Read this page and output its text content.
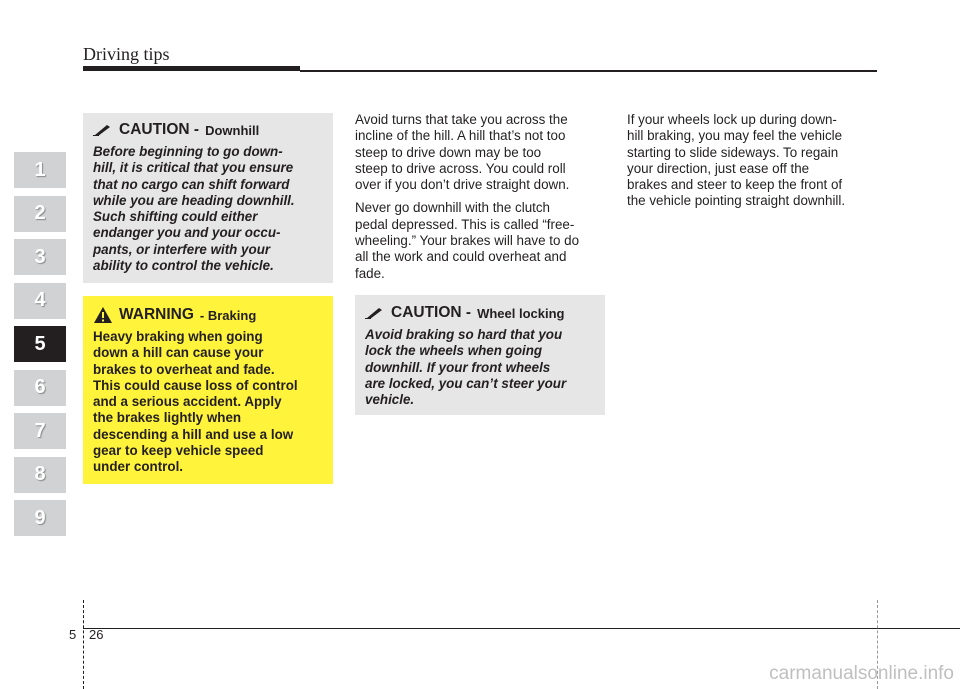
Driving tips
1
2
3
4
5
6
7
8
9
CAUTION - Downhill
Before beginning to go down-
hill, it is critical that you ensure
that no cargo can shift forward
while you are heading downhill.
Such shifting could either
endanger you and your occu-
pants, or interfere with your
ability to control the vehicle.
WARNING - Braking
Heavy braking when going
down a hill can cause your
brakes to overheat and fade.
This could cause loss of control
and a serious accident. Apply
the brakes lightly when
descending a hill and use a low
gear to keep vehicle speed
under control.

Avoid turns that take you across the
incline of the hill. A hill that’s not too
steep to drive down may be too
steep to drive across. You could roll
over if you don’t drive straight down.

Never go downhill with the clutch
pedal depressed. This is called “free-
wheeling.” Your brakes will have to do
all the work and could overheat and
fade.

CAUTION - Wheel locking
Avoid braking so hard that you
lock the wheels when going
downhill. If your front wheels
are locked, you can’t steer your
vehicle.

If your wheels lock up during down-
hill braking, you may feel the vehicle
starting to slide sideways. To regain
your direction, just ease off the
brakes and steer to keep the front of
the vehicle pointing straight downhill.

5 26
carmanualsonline.info
